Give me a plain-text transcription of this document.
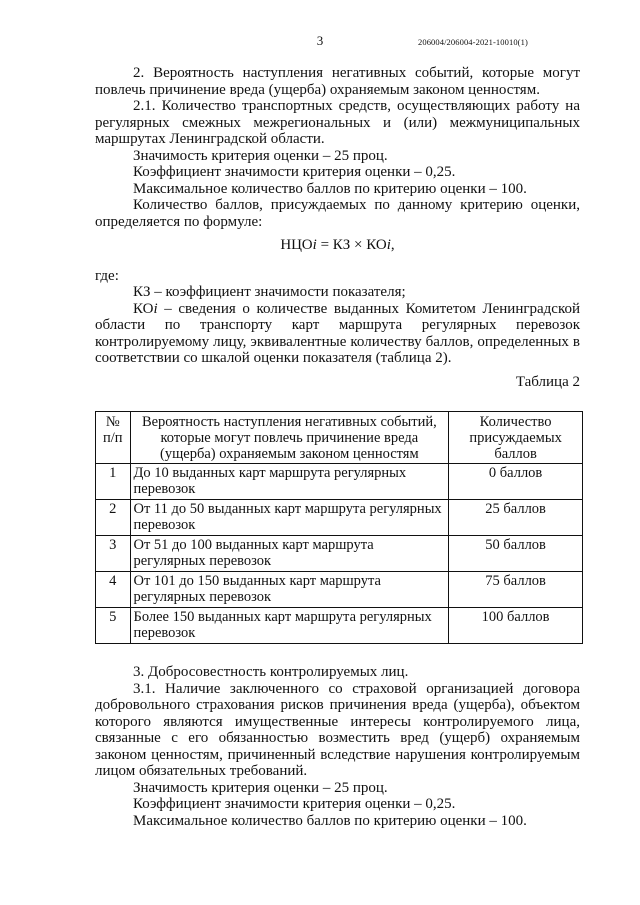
3	206004/206004-2021-10010(1)

2. Вероятность наступления негативных событий, которые могут повлечь причинение вреда (ущерба) охраняемым законом ценностям.

2.1. Количество транспортных средств, осуществляющих работу на регулярных смежных межрегиональных и (или) межмуниципальных маршрутах Ленинградской области.

Значимость критерия оценки – 25 проц.

Коэффициент значимости критерия оценки – 0,25.

Максимальное количество баллов по критерию оценки – 100.

Количество баллов, присуждаемых по данному критерию оценки, определяется по формуле:

НЦОi = КЗ × КОi,

где:

КЗ – коэффициент значимости показателя;

КОi – сведения о количестве выданных Комитетом Ленинградской области по транспорту карт маршрута регулярных перевозок контролируемому лицу, эквивалентные количеству баллов, определенных в соответствии со шкалой оценки показателя (таблица 2).

Таблица 2

№ п/п	Вероятность наступления негативных событий, которые могут повлечь причинение вреда (ущерба) охраняемым законом ценностям	Количество присуждаемых баллов
1	До 10 выданных карт маршрута регулярных перевозок	0 баллов
2	От 11 до 50 выданных карт маршрута регулярных перевозок	25 баллов
3	От 51 до 100 выданных карт маршрута регулярных перевозок	50 баллов
4	От 101 до 150 выданных карт маршрута регулярных перевозок	75 баллов
5	Более 150 выданных карт маршрута регулярных перевозок	100 баллов

3. Добросовестность контролируемых лиц.

3.1. Наличие заключенного со страховой организацией договора добровольного страхования рисков причинения вреда (ущерба), объектом которого являются имущественные интересы контролируемого лица, связанные с его обязанностью возместить вред (ущерб) охраняемым законом ценностям, причиненный вследствие нарушения контролируемым лицом обязательных требований.

Значимость критерия оценки – 25 проц.

Коэффициент значимости критерия оценки – 0,25.

Максимальное количество баллов по критерию оценки – 100.
